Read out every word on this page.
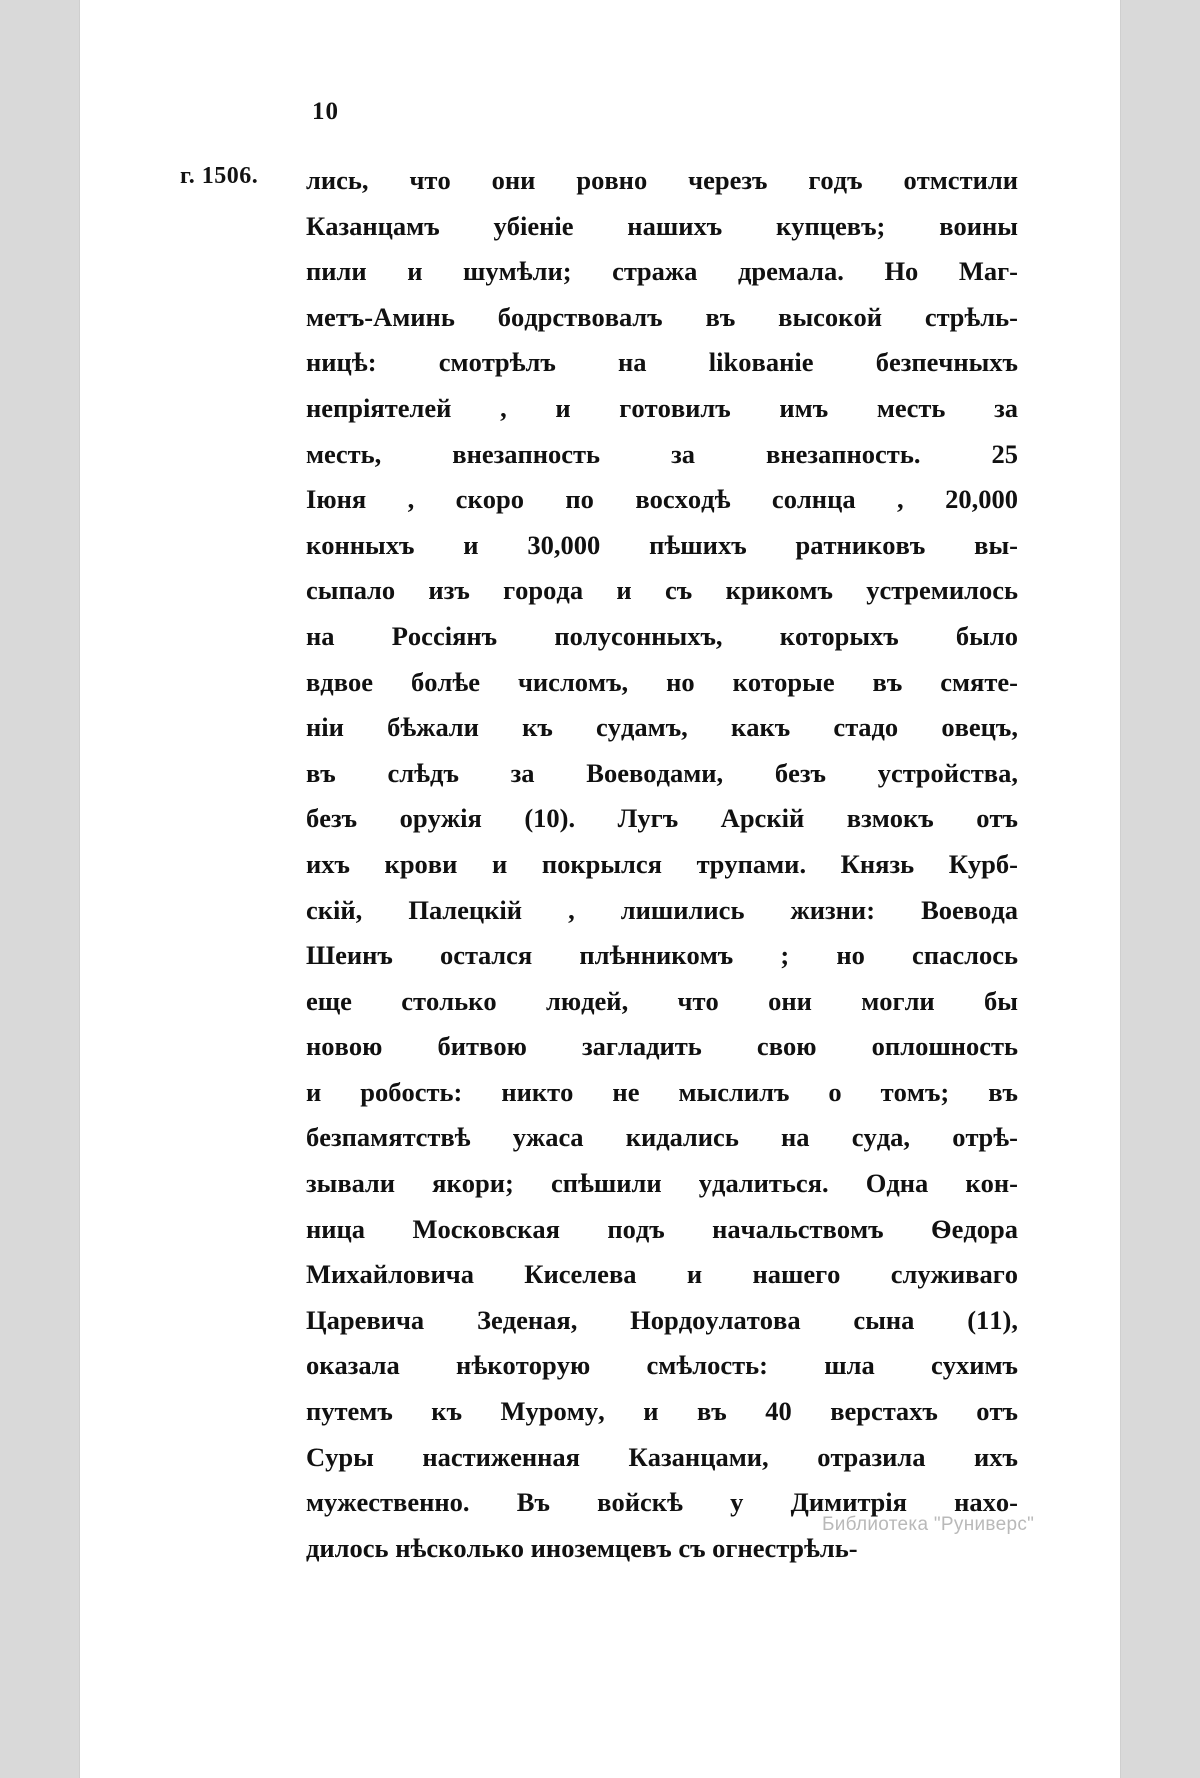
10
г. 1506.	лись, что они ровно черезъ годъ отмстили
Казанцамъ убіеніе нашихъ купцевъ; воины
пили и шумѣли; стража дремала. Но Маг-
метъ-Аминь бодрствовалъ въ высокой стрѣль-
ницѣ: смотрѣлъ на likованіе безпечныхъ
непріятелей , и готовилъ имъ месть за
месть, внезапность за внезапность. 25
Іюня , скоро по восходѣ солнца , 20,000
конныхъ и 30,000 пѣшихъ ратниковъ вы-
сыпало изъ города и съ крикомъ устремилось
на Россіянъ полусонныхъ, которыхъ было
вдвое болѣе числомъ, но которые въ смяте-
ніи бѣжали къ судамъ, какъ стадо овецъ,
въ слѣдъ за Воеводами, безъ устройства,
безъ оружія (10). Лугъ Арскій взмокъ отъ
ихъ крови и покрылся трупами. Князь Курб-
скій, Палецкій , лишились жизни: Воевода
Шеинъ остался плѣнникомъ ; но спаслось
еще столько людей, что они могли бы
новою битвою загладить свою оплошность
и робость: никто не мыслилъ о томъ; въ
безпамятствѣ ужаса кидались на суда, отрѣ-
зывали якори; спѣшили удалиться. Одна кон-
ница Московская подъ начальствомъ Ѳедора
Михайловича Киселева и нашего служиваго
Царевича Зеденая, Нордоулатова сына (11),
оказала нѣкоторую смѣлость: шла сухимъ
путемъ къ Мурому, и въ 40 верстахъ отъ
Суры настиженная Казанцами, отразила ихъ
мужественно. Въ войскѣ у Димитрія нахо-
дилось нѣсколько иноземцевъ съ огнестрѣль-
Библиотека "Руниверс"
